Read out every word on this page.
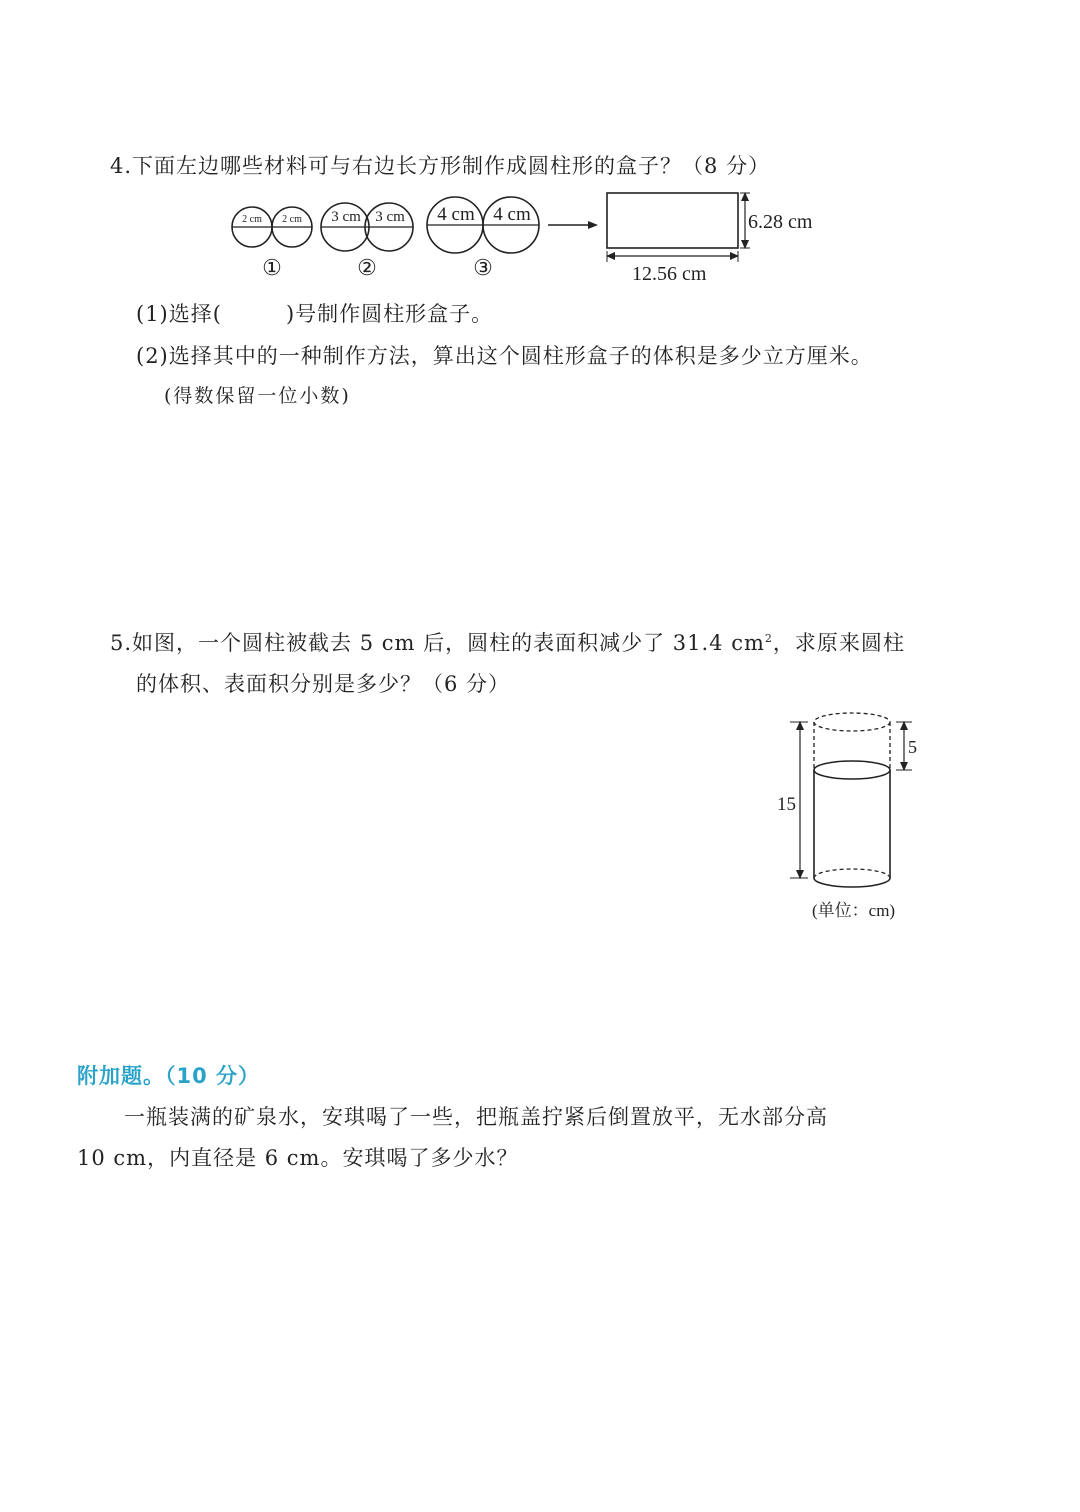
4.下面左边哪些材料可与右边长方形制作成圆柱形的盒子？（8 分）
2 cm 2 cm
①
3 cm 3 cm
②
4 cm 4 cm
③
6.28 cm
12.56 cm
(1)选择(	)号制作圆柱形盒子。
(2)选择其中的一种制作方法，算出这个圆柱形盒子的体积是多少立方厘米。
(得数保留一位小数)
5.如图，一个圆柱被截去 5 cm 后，圆柱的表面积减少了 31.4 $cm^2$，求原来圆柱
的体积、表面积分别是多少？（6 分）
15
5
(单位：cm)
附加题。（10 分）
一瓶装满的矿泉水，安琪喝了一些，把瓶盖拧紧后倒置放平，无水部分高
10 cm，内直径是 6 cm。安琪喝了多少水？
